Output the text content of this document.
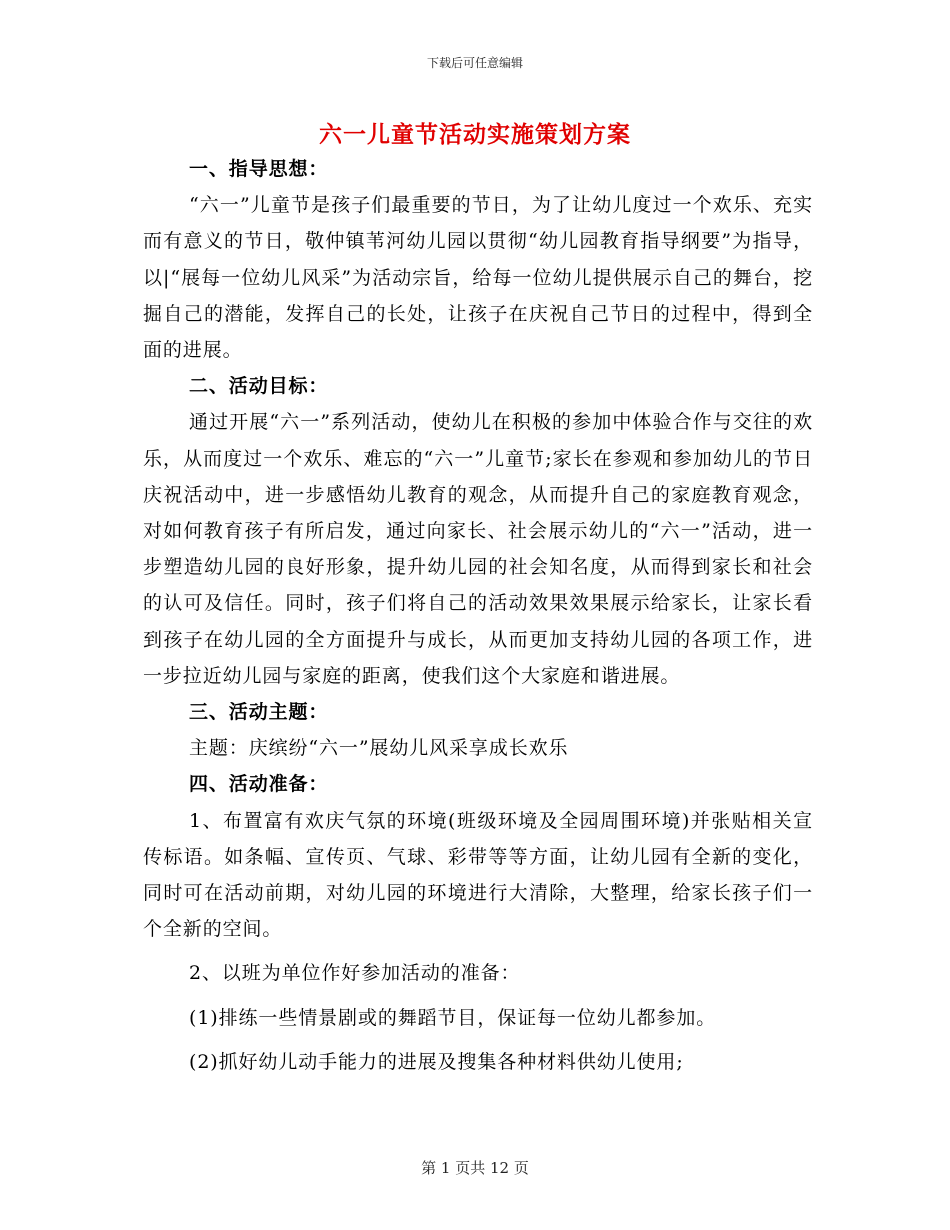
下载后可任意编辑
六一儿童节活动实施策划方案

一、指导思想：

“六一”儿童节是孩子们最重要的节日，为了让幼儿度过一个欢乐、充实而有意义的节日，敬仲镇苇河幼儿园以贯彻“幼儿园教育指导纲要”为指导，以|“展每一位幼儿风采”为活动宗旨，给每一位幼儿提供展示自己的舞台，挖掘自己的潜能，发挥自己的长处，让孩子在庆祝自己节日的过程中，得到全面的进展。

二、活动目标：

通过开展“六一”系列活动，使幼儿在积极的参加中体验合作与交往的欢乐，从而度过一个欢乐、难忘的“六一”儿童节;家长在参观和参加幼儿的节日庆祝活动中，进一步感悟幼儿教育的观念，从而提升自己的家庭教育观念，对如何教育孩子有所启发，通过向家长、社会展示幼儿的“六一”活动，进一步塑造幼儿园的良好形象，提升幼儿园的社会知名度，从而得到家长和社会的认可及信任。同时，孩子们将自己的活动效果效果展示给家长，让家长看到孩子在幼儿园的全方面提升与成长，从而更加支持幼儿园的各项工作，进一步拉近幼儿园与家庭的距离，使我们这个大家庭和谐进展。

三、活动主题：

主题：庆缤纷“六一”展幼儿风采享成长欢乐

四、活动准备：

1、布置富有欢庆气氛的环境(班级环境及全园周围环境)并张贴相关宣传标语。如条幅、宣传页、气球、彩带等等方面，让幼儿园有全新的变化，同时可在活动前期，对幼儿园的环境进行大清除，大整理，给家长孩子们一个全新的空间。

2、以班为单位作好参加活动的准备：

(1)排练一些情景剧或的舞蹈节目，保证每一位幼儿都参加。

(2)抓好幼儿动手能力的进展及搜集各种材料供幼儿使用;

第 1 页共 12 页
